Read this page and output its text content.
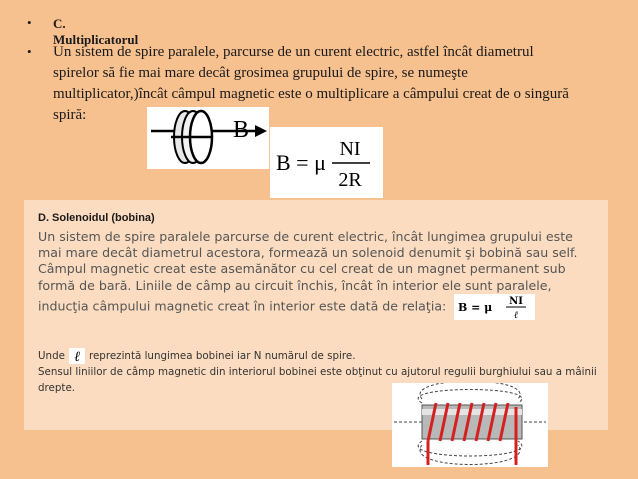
• C. Multiplicatorul
• Un sistem de spire paralele, parcurse de un curent electric, astfel încât diametrul spirelor să fie mai mare decât grosimea grupului de spire, se numeşte multiplicator,)încât câmpul magnetic este o multiplicare a câmpului creat de o singură spiră:
B
B = μ
NI
2R
D. Solenoidul (bobina)
Un sistem de spire paralele parcurse de curent electric, încât lungimea grupului este mai mare decât diametrul acestora, formează un solenoid denumit şi bobină sau self. Câmpul magnetic creat este asemănător cu cel creat de un magnet permanent sub formă de bară. Liniile de câmp au circuit închis, încât în interior ele sunt paralele, inducţia câmpului magnetic creat în interior este dată de relaţia: B = μ NI
ℓ
Unde ℓ reprezintă lungimea bobinei iar N numărul de spire.
Sensul liniilor de câmp magnetic din interiorul bobinei este obţinut cu ajutorul regulii burghiului sau a mâinii drepte.
